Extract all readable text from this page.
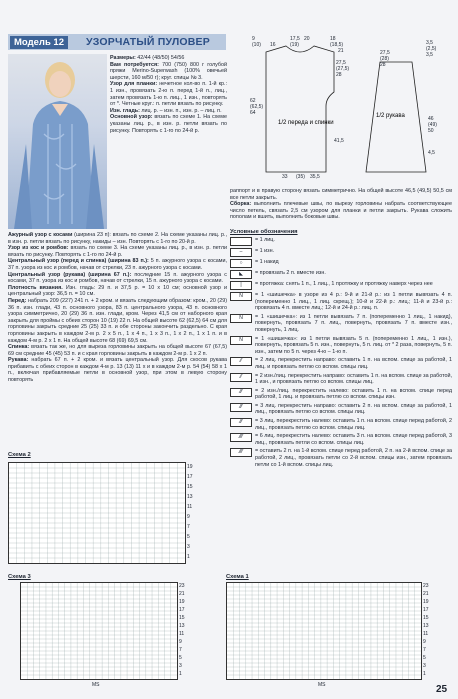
Модель 12	УЗОРЧАТЫЙ ПУЛОВЕР

Размеры: 42/44 (48/50) 54/56

Вам потребуется: 700 (750) 800 г голубой пряжи Merino-Superwash (100% овечьей шерсти, 160 м/50 г); круг. спицы № 3.

Узор для планки: нечетное кол-во п. 1-й кр.: 1 изн., провязать 2-ю п. перед 1-й п., лиц., затем провязать 1-ю п. лиц., 1 изн., повторять от *. Четные круг.: п. петли вязать по рисунку.

Изн. гладь: лиц. р. – изн. п., изн. р. – лиц. п.

Основной узор: вязать по схеме 1. На схеме указаны лиц. р., в изн. р. петли вязать по рисунку. Повторять с 1-го по 24-й р.

Ажурный узор с косами (ширина 23 п): вязать по схеме 2. На схеме указаны лиц. р., в изн. р. петли вязать по рисунку, накиды – изн. Повторять с 1-го по 20-й р.

Узор из кос и ромбов: вязать по схеме 3. На схеме указаны лиц. р., в изн. р. петли вязать по рисунку. Повторять с 1-го по 24-й р.

Центральный узор (перед и спинка) (ширина 83 п.): 5 п. ажурного узора с косами, 37 п. узора из кос и ромбов, начав от стрелки, 23 п. ажурного узора с косами.

Центральный узор (рукава) (ширина 67 п.): последние 15 п. ажурного узора с косами, 37 п. узора из кос и ромбов, начав от стрелки, 15 п. ажурного узора с косами.

Плотность вязания. Изн. гладь: 29 п. и 37,5 р. = 10 х 10 см; основной узор и центральный узор: 36,5 п. = 10 см.

Перед: набрать 209 (227) 241 п. + 2 кром. и вязать следующим образом: кром., 20 (29) 36 п. изн. глади, 43 п. основного узора, 83 п. центрального узора, 43 п. основного узора симметрично, 20 (29) 36 п. изн. глади, кром. Через 41,5 см от наборного края закрыть для проймы с обеих сторон 10 (19) 22 п. На общей высоте 62 (62,5) 64 см для горловины закрыть средние 25 (25) 33 п. и обе стороны закончить раздельно. С края горловины закрыть в каждом 2-м р. 2 х 5 п., 1 х 4 п., 1 х 3 п., 1 х 2 п., 1 х 1 п. и в каждом 4-м р. 2 х 1 п. На общей высоте 68 (69) 69,5 см.

Спинка: вязать так же, но для выреза горловины закрыть на общей высоте 67 (67,5) 69 см средние 45 (45) 53 п. и с края горловины закрыть в каждом 2-м р. 1 х 2 п.

Рукава: набрать 67 п. + 2 кром. и вязать центральный узор. Для скосов рукава прибавить с обеих сторон в каждом 4-м р. 13 (13) 11 х и в каждом 2-м р. 54 (54) 58 х 1 п., включая прибавляемые петли в основной узор, при этом в левую сторону повторять

9
(10) 16
17,5
(19)
20	18
(18,5)
21
27,5
(27,5)
28
27,5
(28)
28
3,5
(2,5)
3,5
62
(62,5)
64
41,5
33 (35) 35,5
46
(49)
50
4,5
1/2 переда и спинки
1/2 рукава

раппорт и в правую сторону вязать симметрично. На общей высоте 46,5 (49,5) 50,5 см все петли закрыть.

Сборка: выполнить плечевые швы, по вырезу горловины набрать соответствующее число петель, связать 2,5 см узором для планки и петли закрыть. Рукава сложить пополам и вшить, выполнить боковые швы.

Условные обозначения
= 1 лиц.
–	= 1 изн.
○	= 1 накид
◣	= провязать 2 п. вместе изн.
|	= протяжка: снять 1 п., 1 лиц., 1 протяжку и протяжку наверх через нее
N	= 1 «шишечка» в узоре из 4 р.: 9-й и 21-й р.: из 1 петли вывязать 4 п. (попеременно 1 лиц., 1 лиц. скрещ.); 10-й и 22-й р.: лиц.; 11-й и 23-й р.: провязать 4 п. вместе лиц.; 12-й и 24-й р.: лиц. п.
N	= 1 «шишечка»: из 1 петли вывязать 7 п. (попеременно 1 лиц., 1 накид), повернуть, провязать 7 п. лиц., повернуть, провязать 7 п. вместе изн., повернуть, 1 лиц.
N	= 1 «шишечка»: из 1 петли вывязать 5 п. (попеременно 1 лиц., 1 изн.), повернуть, провязать 5 п. изн., повернуть, 5 п. лиц. от * 2 раза, повернуть, 5 п. изн., затем по 5 п. через 4-ю – 1-ю п.
⁄⁄	= 2 лиц. перекрестить направо: оставить 1 п. на вспом. спице за работой, 1 лиц. и провязать петлю со вспом. спицы лиц.
⁄⁄	= 2 изн./лиц. перекрестить направо: оставить 1 п. на вспом. спице за работой, 1 изн., и провязать петлю со вспом. спицы лиц.
⁄⁄⁄	= 2 изн./лиц. перекрестить налево: оставить 1 п. на вспом. спице перед работой, 1 лиц. и провязать петлю со вспом. спицы изн.
⁄⁄⁄	= 3 лиц. перекрестить направо: оставить 2 п. на вспом. спице за работой, 1 лиц., провязать петлю со вспом. спицы лиц.
⁄⁄⁄	= 3 лиц. перекрестить налево: оставить 1 п. на вспом. спице перед работой, 2 лиц., провязать петлю со вспом. спицы лиц.
⁄⁄⁄⁄	= 6 лиц. перекрестить налево: оставить 3 п. на вспом. спице перед работой, 3 лиц., провязать петли со вспом. спицы лиц.
⁄⁄⁄⁄	= оставить 2 п. на 1-й вспом. спице перед работой, 2 п. на 2-й вспом. спице за работой, 2 лиц., провязать петли со 2-й вспом. спицы изн., затем провязать петли со 1-й вспом. спицы лиц.
Схема 2
19
17
15
13
11
9
7
5
3
1
Схема 3
23
21
19
17
15
13
11
9
7
5
3
1
MS
Схема 1
23
21
19
17
15
13
11
9
7
5
3
1
MS	25
